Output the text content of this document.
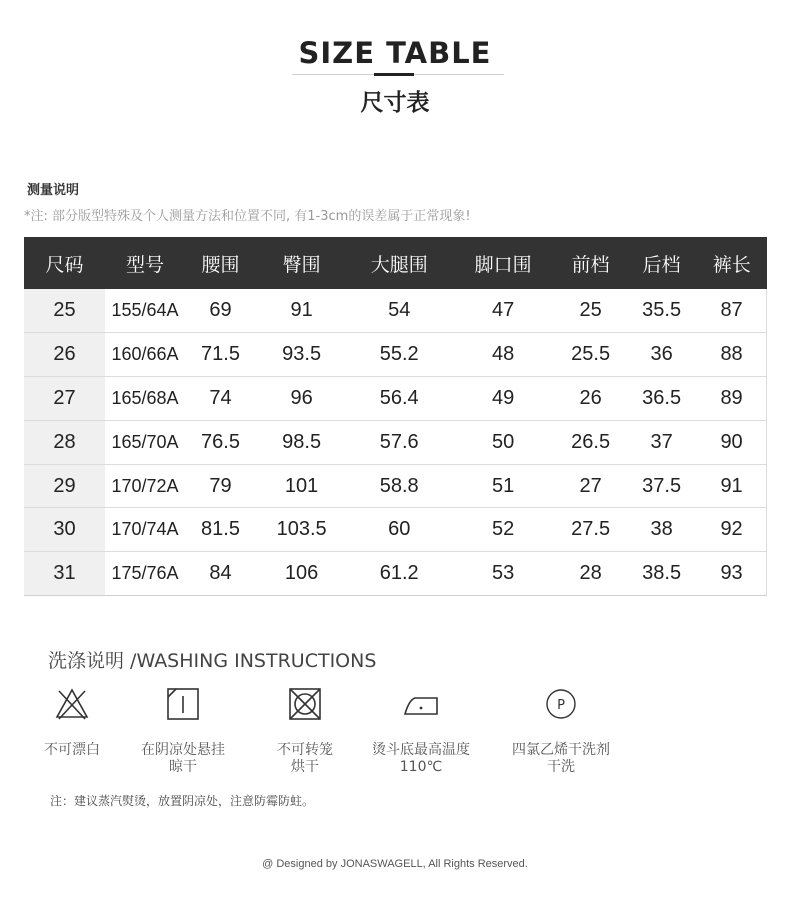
SIZE TABLE
尺寸表
测量说明
*注: 部分版型特殊及个人测量方法和位置不同, 有1-3cm的误差属于正常现象!
尺码	型号	腰围	臀围	大腿围	脚口围	前档	后档	裤长
25	155/64A	69	91	54	47	25	35.5	87
26	160/66A	71.5	93.5	55.2	48	25.5	36	88
27	165/68A	74	96	56.4	49	26	36.5	89
28	165/70A	76.5	98.5	57.6	50	26.5	37	90
29	170/72A	79	101	58.8	51	27	37.5	91
30	170/74A	81.5	103.5	60	52	27.5	38	92
31	175/76A	84	106	61.2	53	28	38.5	93
洗涤说明 /WASHING INSTRUCTIONS
不可漂白	在阴凉处悬挂
晾干
不可转笼
烘干
烫斗底最高温度
110℃
P
四氯乙烯干洗剂
干洗
注：建议蒸汽熨烫，放置阴凉处，注意防霉防蛀。
@ Designed by JONASWAGELL, All Rights Reserved.
